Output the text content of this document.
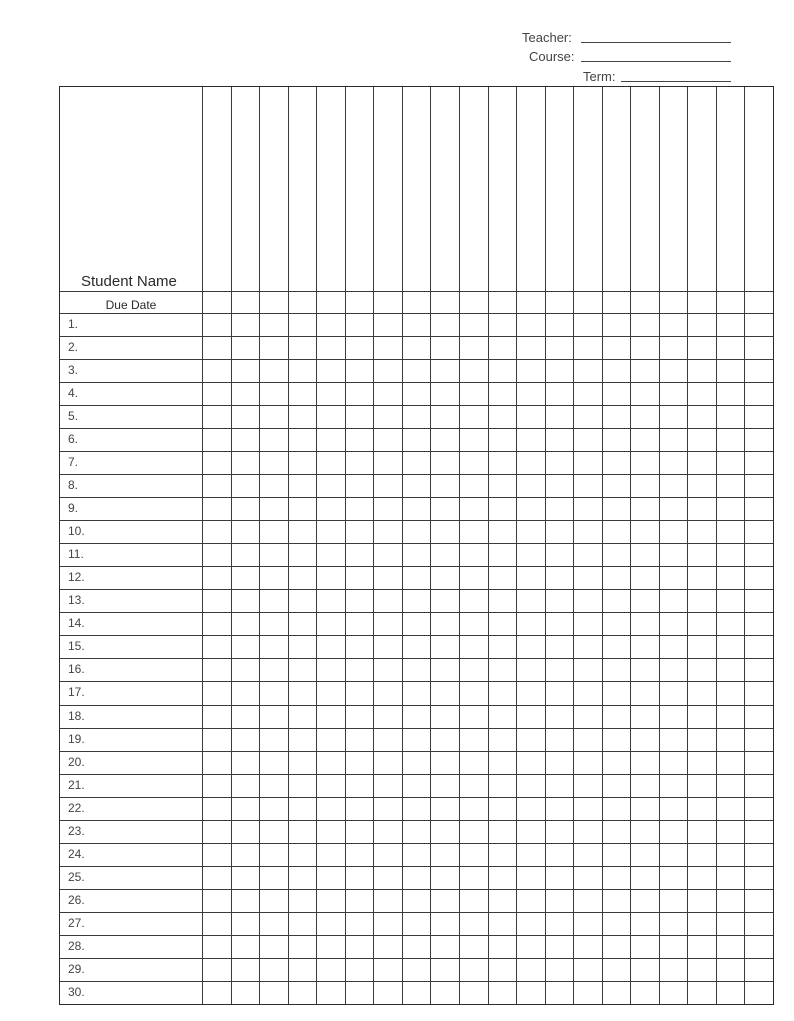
Teacher:
Course:
Term:
Student Name
Due Date
1.
2.
3.
4.
5.
6.
7.
8.
9.
10.
11.
12.
13.
14.
15.
16.
17.
18.
19.
20.
21.
22.
23.
24.
25.
26.
27.
28.
29.
30.
